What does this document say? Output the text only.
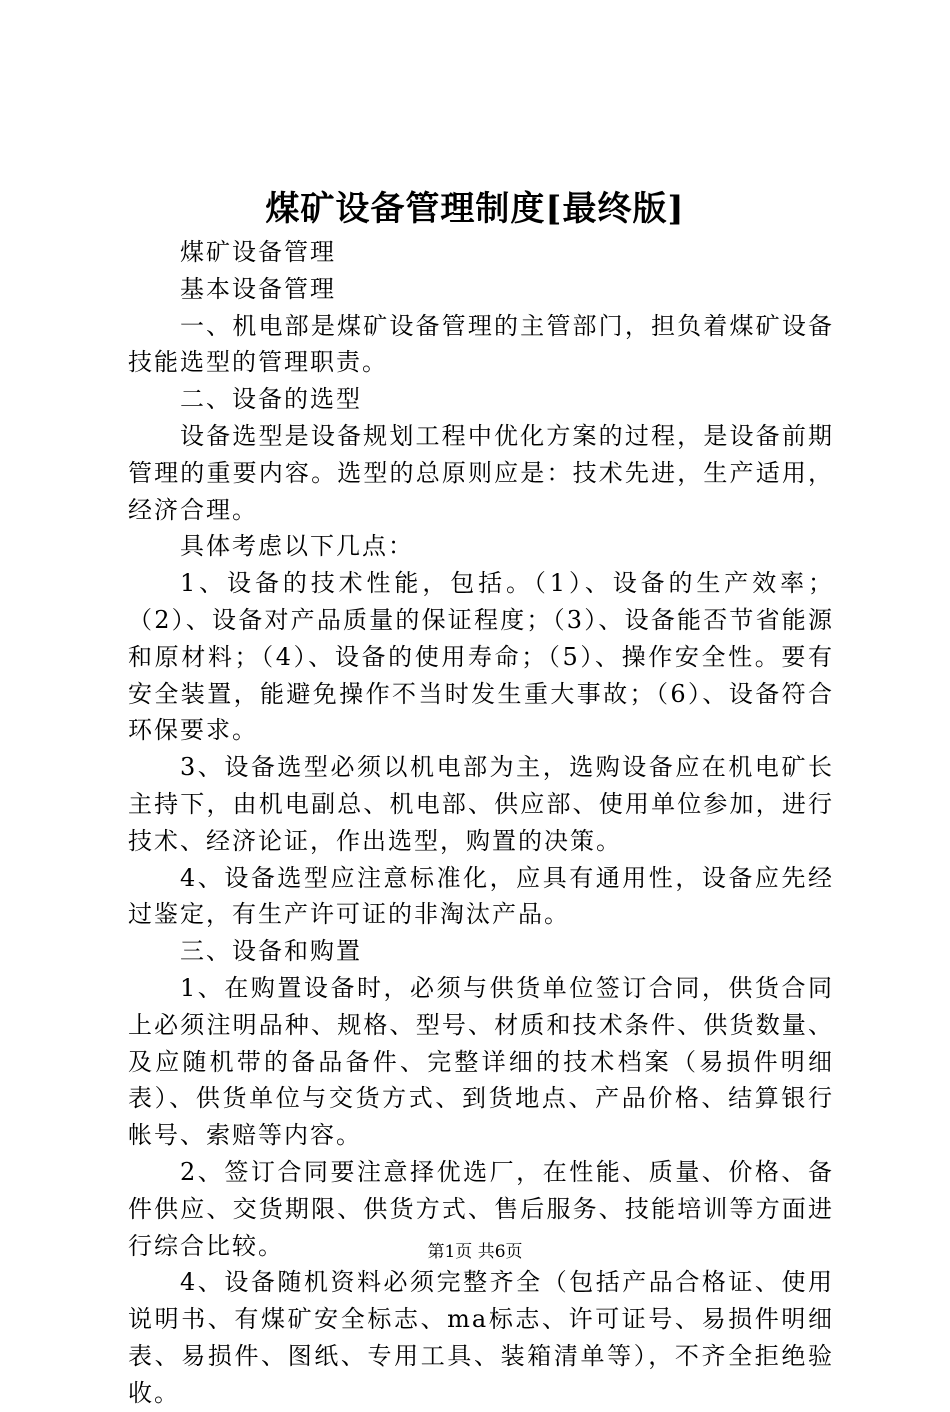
煤矿设备管理制度[最终版]

煤矿设备管理

基本设备管理

一、机电部是煤矿设备管理的主管部门，担负着煤矿设备技能选型的管理职责。

二、设备的选型

设备选型是设备规划工程中优化方案的过程，是设备前期管理的重要内容。选型的总原则应是：技术先进，生产适用，经济合理。

具体考虑以下几点：

1、设备的技术性能，包括。（1）、设备的生产效率；（2）、设备对产品质量的保证程度；（3）、设备能否节省能源和原材料；（4）、设备的使用寿命；（5）、操作安全性。要有安全装置，能避免操作不当时发生重大事故；（6）、设备符合环保要求。

3、设备选型必须以机电部为主，选购设备应在机电矿长主持下，由机电副总、机电部、供应部、使用单位参加，进行技术、经济论证，作出选型，购置的决策。

4、设备选型应注意标准化，应具有通用性，设备应先经过鉴定，有生产许可证的非淘汰产品。

三、设备和购置

1、在购置设备时，必须与供货单位签订合同，供货合同上必须注明品种、规格、型号、材质和技术条件、供货数量、及应随机带的备品备件、完整详细的技术档案（易损件明细表）、供货单位与交货方式、到货地点、产品价格、结算银行帐号、索赔等内容。

2、签订合同要注意择优选厂，在性能、质量、价格、备件供应、交货期限、供货方式、售后服务、技能培训等方面进行综合比较。

4、设备随机资料必须完整齐全（包括产品合格证、使用说明书、有煤矿安全标志、ma标志、许可证号、易损件明细表、易损件、图纸、专用工具、装箱清单等），不齐全拒绝验收。

第1页 共6页
